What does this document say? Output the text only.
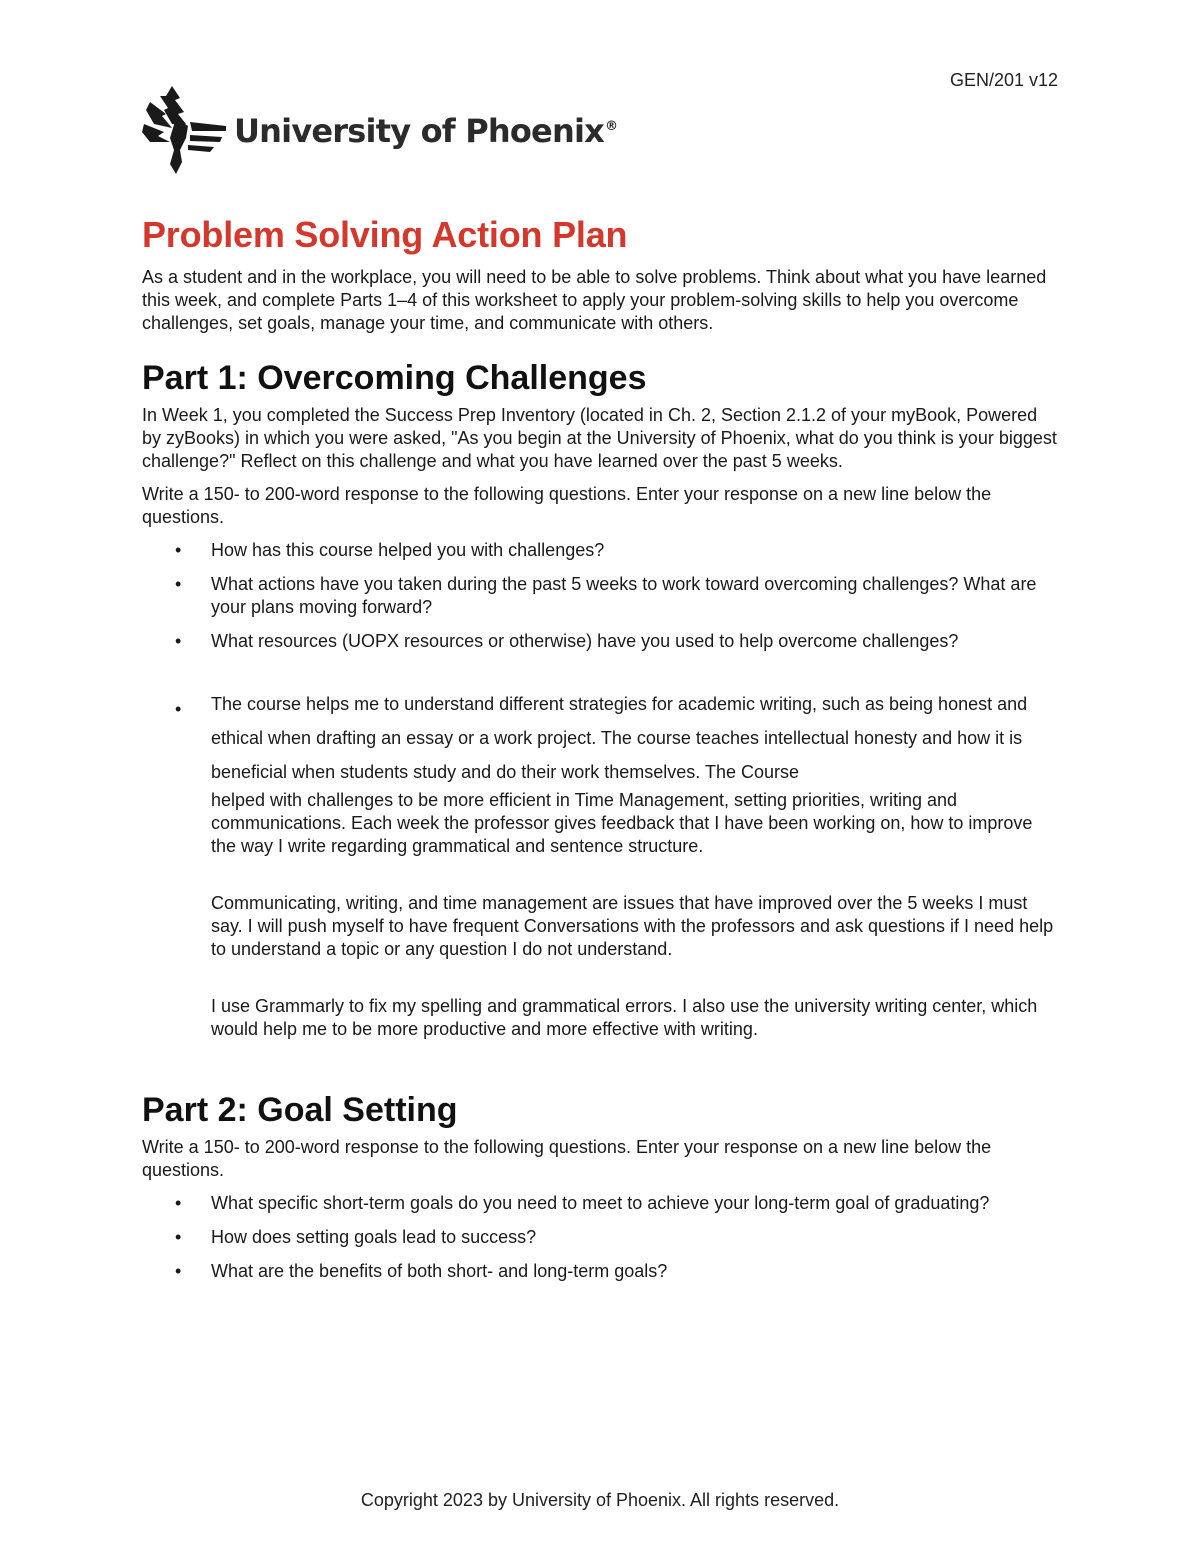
GEN/201 v12
University of Phoenix®
Problem Solving Action Plan

As a student and in the workplace, you will need to be able to solve problems. Think about what you have learned this week, and complete Parts 1–4 of this worksheet to apply your problem-solving skills to help you overcome challenges, set goals, manage your time, and communicate with others.

Part 1: Overcoming Challenges

In Week 1, you completed the Success Prep Inventory (located in Ch. 2, Section 2.1.2 of your myBook, Powered by zyBooks) in which you were asked, "As you begin at the University of Phoenix, what do you think is your biggest challenge?" Reflect on this challenge and what you have learned over the past 5 weeks.

Write a 150- to 200-word response to the following questions. Enter your response on a new line below the questions.

• How has this course helped you with challenges?
• What actions have you taken during the past 5 weeks to work toward overcoming challenges? What are your plans moving forward?
• What resources (UOPX resources or otherwise) have you used to help overcome challenges?
• The course helps me to understand different strategies for academic writing, such as being honest and ethical when drafting an essay or a work project. The course teaches intellectual honesty and how it is beneficial when students study and do their work themselves. The Course
helped with challenges to be more efficient in Time Management, setting priorities, writing and communications. Each week the professor gives feedback that I have been working on, how to improve the way I write regarding grammatical and sentence structure.
Communicating, writing, and time management are issues that have improved over the 5 weeks I must say. I will push myself to have frequent Conversations with the professors and ask questions if I need help to understand a topic or any question I do not understand.
I use Grammarly to fix my spelling and grammatical errors. I also use the university writing center, which would help me to be more productive and more effective with writing.
Part 2: Goal Setting

Write a 150- to 200-word response to the following questions. Enter your response on a new line below the questions.

• What specific short-term goals do you need to meet to achieve your long-term goal of graduating?
• How does setting goals lead to success?
• What are the benefits of both short- and long-term goals?
Copyright 2023 by University of Phoenix. All rights reserved.
